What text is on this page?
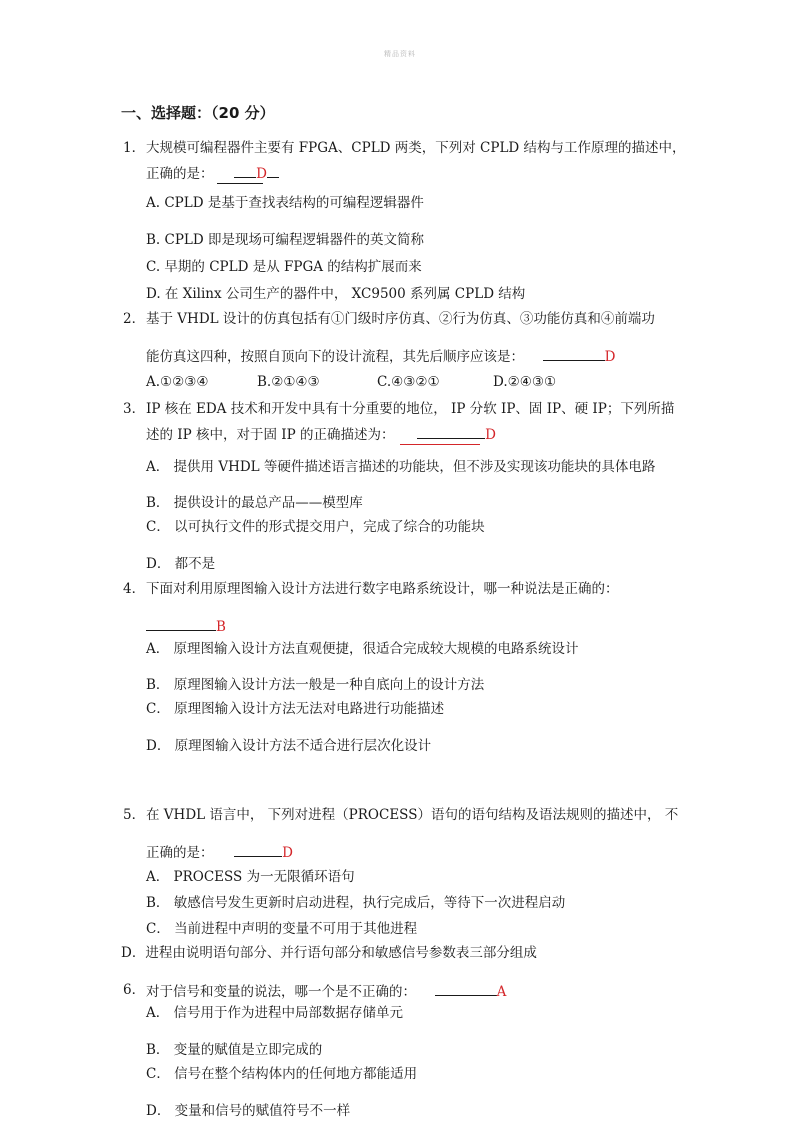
精品资料
一、选择题：（20 分）
1． 大规模可编程器件主要有 FPGA、CPLD 两类，下列对 CPLD 结构与工作原理的描述中，
正确的是：	D
A. CPLD 是基于查找表结构的可编程逻辑器件
B. CPLD 即是现场可编程逻辑器件的英文简称
C. 早期的 CPLD 是从 FPGA 的结构扩展而来
D. 在 Xilinx 公司生产的器件中， XC9500 系列属 CPLD 结构
2． 基于 VHDL 设计的仿真包括有①门级时序仿真、②行为仿真、③功能仿真和④前端功
能仿真这四种，按照自顶向下的设计流程，其先后顺序应该是：	D
A.①②③④	B.②①④③	C.④③②①	D.②④③①
3． IP 核在 EDA 技术和开发中具有十分重要的地位， IP 分软 IP、固 IP、硬 IP；下列所描
述的 IP 核中，对于固 IP 的正确描述为：	D
A． 提供用 VHDL 等硬件描述语言描述的功能块，但不涉及实现该功能块的具体电路
B． 提供设计的最总产品——模型库
C． 以可执行文件的形式提交用户，完成了综合的功能块
D． 都不是
4． 下面对利用原理图输入设计方法进行数字电路系统设计，哪一种说法是正确的：
B
A． 原理图输入设计方法直观便捷，很适合完成较大规模的电路系统设计
B． 原理图输入设计方法一般是一种自底向上的设计方法
C． 原理图输入设计方法无法对电路进行功能描述
D． 原理图输入设计方法不适合进行层次化设计
5． 在 VHDL 语言中， 下列对进程（PROCESS）语句的语句结构及语法规则的描述中， 不
正确的是：	D
A． PROCESS 为一无限循环语句
B． 敏感信号发生更新时启动进程，执行完成后，等待下一次进程启动
C． 当前进程中声明的变量不可用于其他进程
D．进程由说明语句部分、并行语句部分和敏感信号参数表三部分组成
6． 对于信号和变量的说法，哪一个是不正确的：	A
A． 信号用于作为进程中局部数据存储单元
B． 变量的赋值是立即完成的
C． 信号在整个结构体内的任何地方都能适用
D． 变量和信号的赋值符号不一样
